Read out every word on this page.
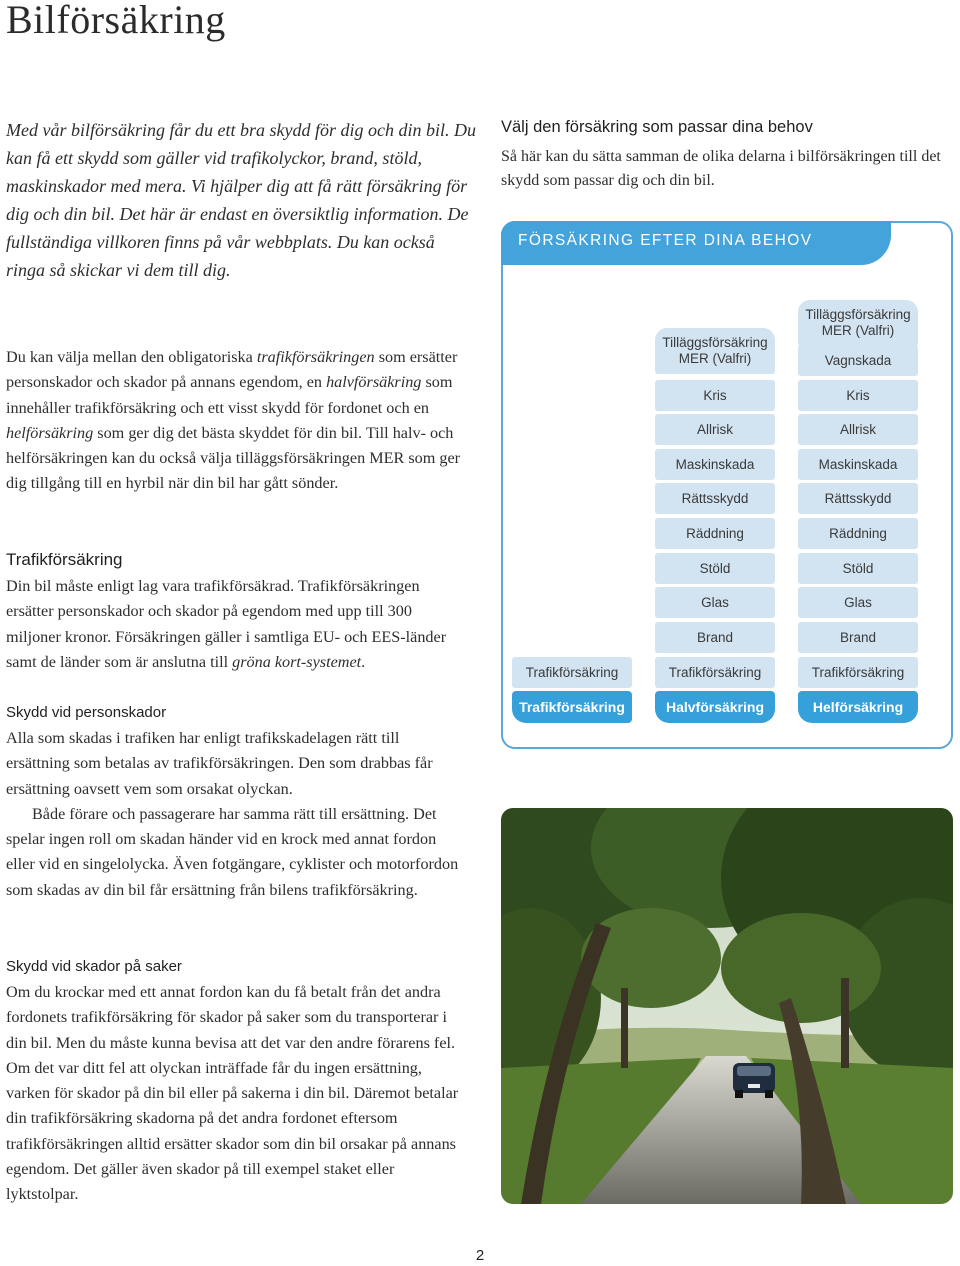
Bilförsäkring
Med vår bilförsäkring får du ett bra skydd för dig och din bil. Du kan få ett skydd som gäller vid trafikolyckor, brand, stöld, maskinskador med mera. Vi hjälper dig att få rätt försäkring för dig och din bil. Det här är endast en översiktlig information. De fullständiga villkoren finns på vår webbplats. Du kan också ringa så skickar vi dem till dig.

Du kan välja mellan den obligatoriska trafikförsäkringen som ersätter personskador och skador på annans egendom, en halvförsäkring som innehåller trafikförsäkring och ett visst skydd för fordonet och en helförsäkring som ger dig det bästa skyddet för din bil. Till halv- och helförsäkringen kan du också välja tilläggsförsäkringen MER som ger dig tillgång till en hyrbil när din bil har gått sönder.

Trafikförsäkring

Din bil måste enligt lag vara trafikförsäkrad. Trafikförsäkringen ersätter personskador och skador på egendom med upp till 300 miljoner kronor. Försäkringen gäller i samtliga EU- och EES-länder samt de länder som är anslutna till gröna kort-systemet.

Skydd vid personskador

Alla som skadas i trafiken har enligt trafikskadelagen rätt till ersättning som betalas av trafikförsäkringen. Den som drabbas får ersättning oavsett vem som orsakat olyckan.

Både förare och passagerare har samma rätt till ersättning. Det spelar ingen roll om skadan händer vid en krock med annat fordon eller vid en singelolycka. Även fotgängare, cyklister och motorfordon som skadas av din bil får ersättning från bilens trafikförsäkring.

Skydd vid skador på saker

Om du krockar med ett annat fordon kan du få betalt från det andra fordonets trafikförsäkring för skador på saker som du transporterar i din bil. Men du måste kunna bevisa att det var den andre förarens fel. Om det var ditt fel att olyckan inträffade får du ingen ersättning, varken för skador på din bil eller på sakerna i din bil. Däremot betalar din trafikförsäkring skadorna på det andra fordonet eftersom trafikförsäkringen alltid ersätter skador som din bil orsakar på annans egendom. Det gäller även skador på till exempel staket eller lyktstolpar.

Välj den försäkring som passar dina behov
Så här kan du sätta samman de olika delarna i bilförsäkringen till det skydd som passar dig och din bil.
FÖRSÄKRING EFTER DINA BEHOV
Trafikförsäkring
Trafikförsäkring
Tilläggsförsäkring MER (Valfri)
Kris
Allrisk
Maskinskada
Rättsskydd
Räddning
Stöld
Glas
Brand
Trafikförsäkring
Halvförsäkring
Tilläggsförsäkring MER (Valfri)
Vagnskada
Kris
Allrisk
Maskinskada
Rättsskydd
Räddning
Stöld
Glas
Brand
Trafikförsäkring
Helförsäkring
2
